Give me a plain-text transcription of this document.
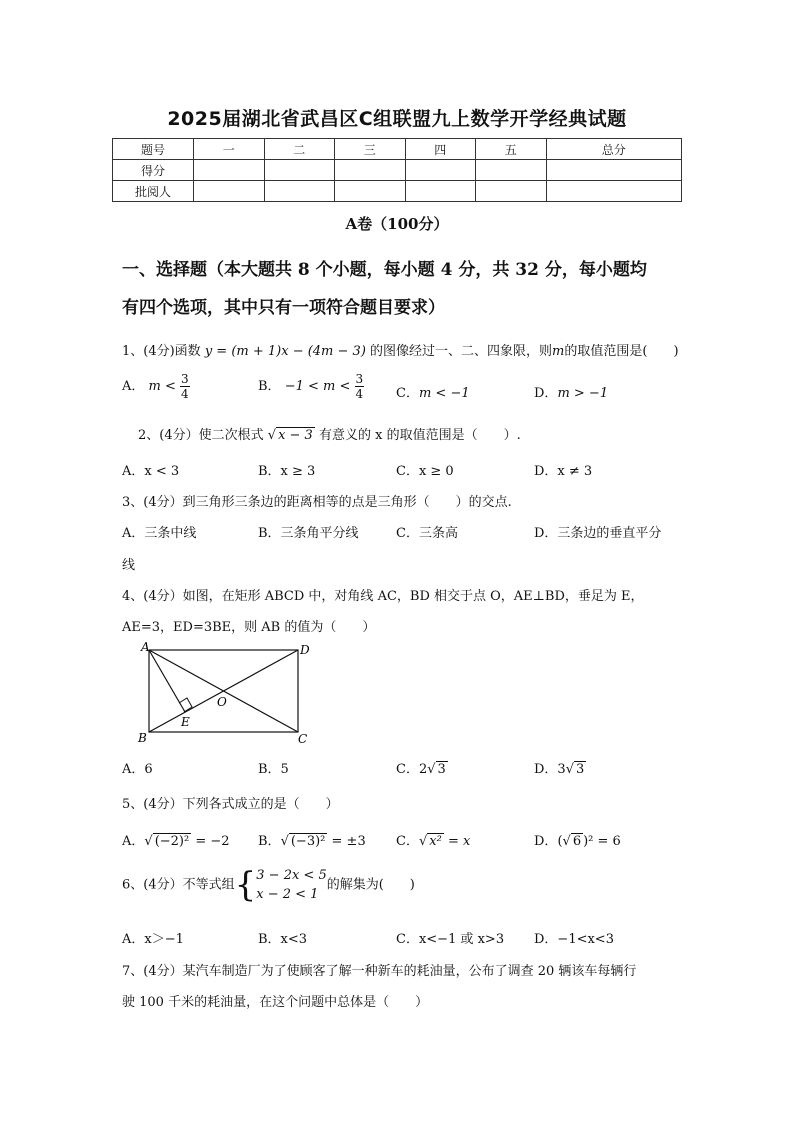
2025届湖北省武昌区C组联盟九上数学开学经典试题
题号	一	二	三	四	五	总分
得分						
批阅人						
A卷（100分）
一、选择题（本大题共 8 个小题，每小题 4 分，共 32 分，每小题均
有四个选项，其中只有一项符合题目要求）
1、(4分)函数 y = (m + 1)x − (4m − 3) 的图像经过一、二、四象限，则m的取值范围是(　　)
A． $m < \frac{3}{4}$	B． $-1 < m < \frac{3}{4}$ C．m < −1	D．m > −1
2、(4分）使二次根式 √ x − 3 有意义的 x 的取值范围是（　　）.
A．x < 3	B．x ≥ 3	C．x ≥ 0	D．x ≠ 3
3、(4分）到三角形三条边的距离相等的点是三角形（　　）的交点.
A．三条中线	B．三条角平分线	C．三条高	D．三条边的垂直平分
线
4、(4分）如图，在矩形 ABCD 中，对角线 AC，BD 相交于点 O，AE⊥BD，垂足为 E，
AE=3，ED=3BE，则 AB 的值为（　　）
A
B	C
D
E
O
A．6	B．5	C．2√ 3	D．3√ 3
5、(4分）下列各式成立的是（　　）
A．√ (−2)² = −2 B．√ (−3)² = ±3 C．√ x² = x	D．(√ 6 )² = 6
6、(4分）不等式组{ 3 − 2x < 5
x − 2 < 1
的解集为(　　)
A．x＞−1	B．x<3	C．x<−1 或 x>3 D．−1<x<3
7、(4分）某汽车制造厂为了使顾客了解一种新车的耗油量，公布了调查 20 辆该车每辆行
驶 100 千米的耗油量，在这个问题中总体是（　　）
